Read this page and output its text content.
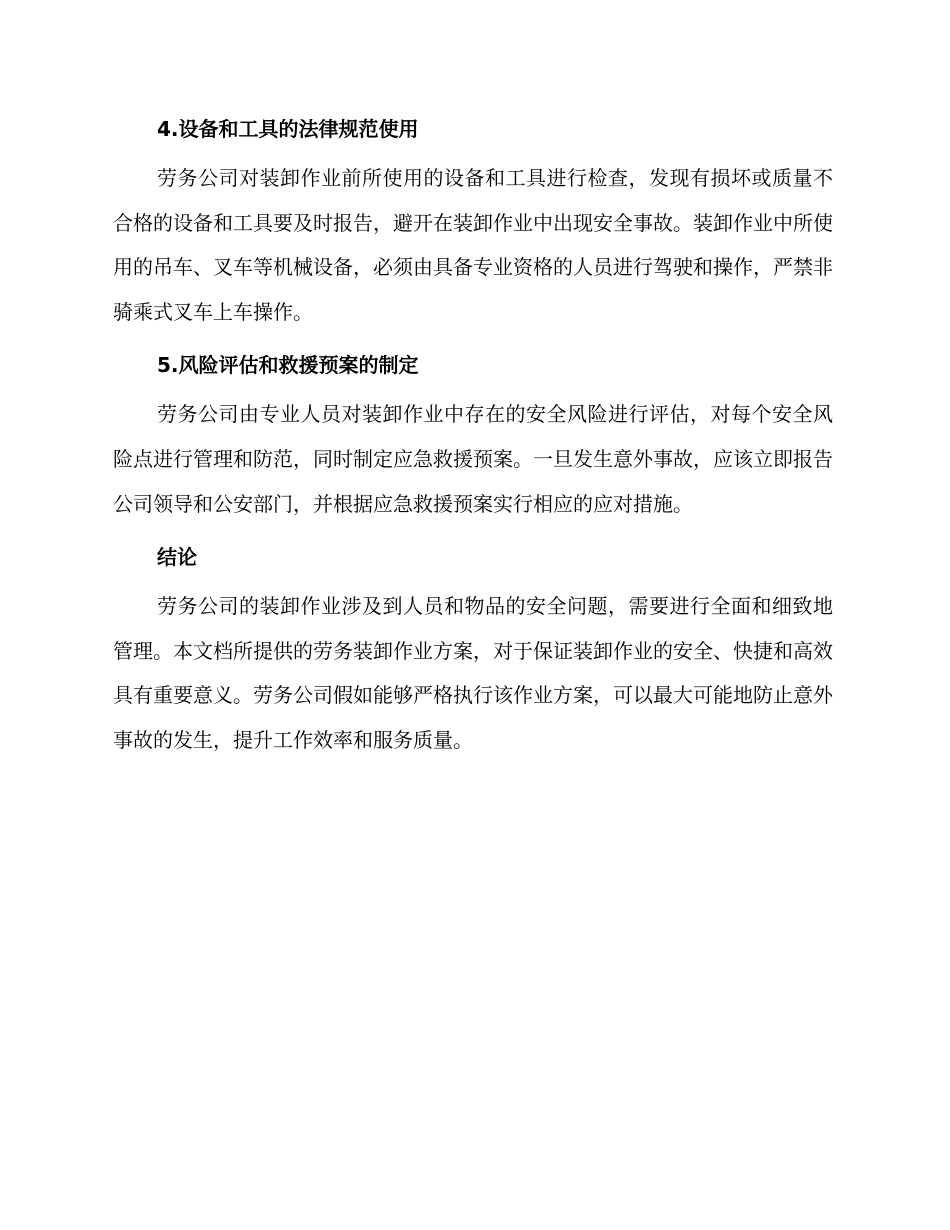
4.设备和工具的法律规范使用

劳务公司对装卸作业前所使用的设备和工具进行检查，发现有损坏或质量不合格的设备和工具要及时报告，避开在装卸作业中出现安全事故。装卸作业中所使用的吊车、叉车等机械设备，必须由具备专业资格的人员进行驾驶和操作，严禁非骑乘式叉车上车操作。

5.风险评估和救援预案的制定

劳务公司由专业人员对装卸作业中存在的安全风险进行评估，对每个安全风险点进行管理和防范，同时制定应急救援预案。一旦发生意外事故，应该立即报告公司领导和公安部门，并根据应急救援预案实行相应的应对措施。

结论

劳务公司的装卸作业涉及到人员和物品的安全问题，需要进行全面和细致地管理。本文档所提供的劳务装卸作业方案，对于保证装卸作业的安全、快捷和高效具有重要意义。劳务公司假如能够严格执行该作业方案，可以最大可能地防止意外事故的发生，提升工作效率和服务质量。
